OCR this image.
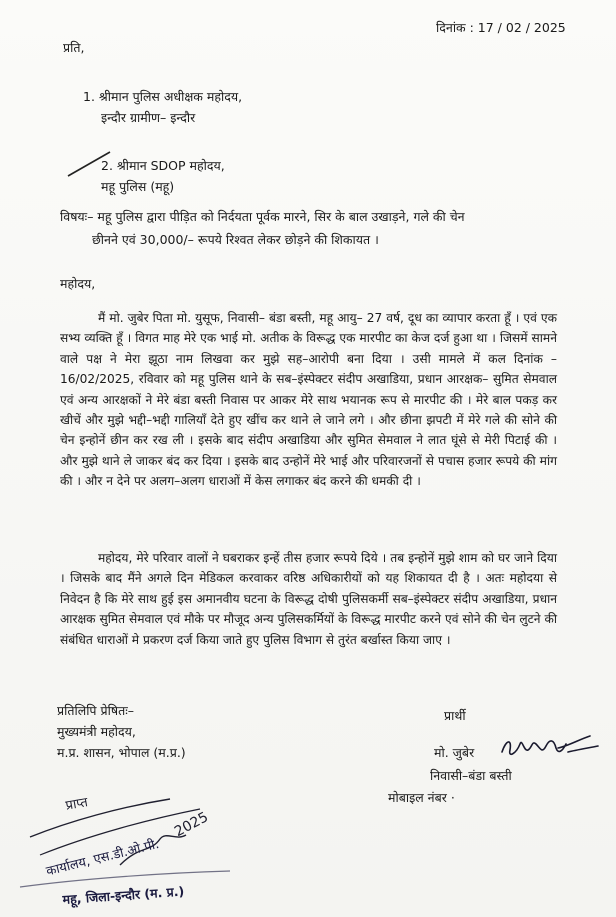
दिनांक : 17 / 02 / 2025
प्रति,
1. श्रीमान पुलिस अधीक्षक महोदय,
इन्दौर ग्रामीण– इन्दौर
2. श्रीमान SDOP महोदय,
महू पुलिस (महू)
विषयः– महू पुलिस द्वारा पीड़ित को निर्दयता पूर्वक मारने, सिर के बाल उखाड़ने, गले की चेन
छीनने एवं 30,000/– रूपये रिश्वत लेकर छोड़ने की शिकायत ।
महोदय,
मैं मो. जुबेर पिता मो. युसूफ, निवासी– बंडा बस्ती, महू आयु– 27 वर्ष, दूध का व्यापार करता हूँ । एवं एक सभ्य व्यक्ति हूँ । विगत माह मेरे एक भाई मो. अतीक के विरूद्ध एक मारपीट का केज दर्ज हुआ था । जिसमें सामने वाले पक्ष ने मेरा झूठा नाम लिखवा कर मुझे सह–आरोपी बना दिया । उसी मामले में कल दिनांक – 16/02/2025, रविवार को महू पुलिस थाने के सब–इंस्पेक्टर संदीप अखाडिया, प्रधान आरक्षक– सुमित सेमवाल एवं अन्य आरक्षकों ने मेरे बंडा बस्ती निवास पर आकर मेरे साथ भयानक रूप से मारपीट की । मेरे बाल पकड़ कर खीचें और मुझे भद्दी–भद्दी गालियाँ देते हुए खींच कर थाने ले जाने लगे । और छीना झपटी में मेरे गले की सोने की चेन इन्होनें छीन कर रख ली । इसके बाद संदीप अखाडिया और सुमित सेमवाल ने लात घूंसे से मेरी पिटाई की । और मुझे थाने ले जाकर बंद कर दिया । इसके बाद उन्होनें मेरे भाई और परिवारजनों से पचास हजार रूपये की मांग की । और न देने पर अलग–अलग धाराओं में केस लगाकर बंद करने की धमकी दी ।
महोदय, मेरे परिवार वालों ने घबराकर इन्हें तीस हजार रूपये दिये । तब इन्होनें मुझे शाम को घर जाने दिया । जिसके बाद मैंने अगले दिन मेडिकल करवाकर वरिष्ठ अधिकारीयों को यह शिकायत दी है । अतः महोदया से निवेदन है कि मेरे साथ हुई इस अमानवीय घटना के विरूद्ध दोषी पुलिसकर्मी सब–इंस्पेक्टर संदीप अखाडिया, प्रधान आरक्षक सुमित सेमवाल एवं मौके पर मौजूद अन्य पुलिसकर्मियों के विरूद्ध मारपीट करने एवं सोने की चेन लुटने की संबंधित धाराओं मे प्रकरण दर्ज किया जाते हुए पुलिस विभाग से तुरंत बर्खास्त किया जाए ।
प्रतिलिपि प्रेषितः–
मुख्यमंत्री महोदय,
म.प्र. शासन, भोपाल (म.प्र.)
प्रार्थी
मो. जुबेर
निवासी–बंडा बस्ती
मोबाइल नंबर ·
प्राप्त
2025
कार्यालय, एस.डी.ओ.पी.
महू, जिला-इन्दौर (म. प्र.)
